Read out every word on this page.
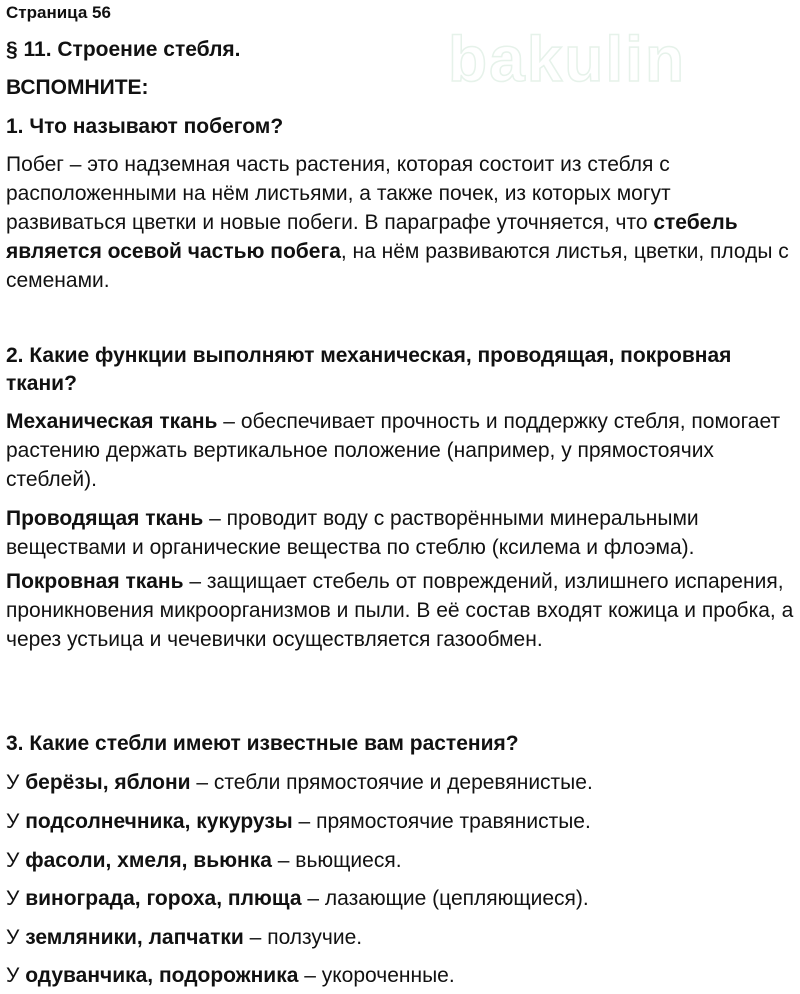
bakulin

Страница 56

§ 11. Строение стебля.

ВСПОМНИТЕ:

1. Что называют побегом?

Побег – это надземная часть растения, которая состоит из стебля с расположенными на нём листьями, а также почек, из которых могут развиваться цветки и новые побеги. В параграфе уточняется, что стебель является осевой частью побега, на нём развиваются листья, цветки, плоды с семенами.

2. Какие функции выполняют механическая, проводящая, покровная ткани?

Механическая ткань – обеспечивает прочность и поддержку стебля, помогает растению держать вертикальное положение (например, у прямостоячих стеблей).

Проводящая ткань – проводит воду с растворёнными минеральными веществами и органические вещества по стеблю (ксилема и флоэма).

Покровная ткань – защищает стебель от повреждений, излишнего испарения, проникновения микроорганизмов и пыли. В её состав входят кожица и пробка, а через устьица и чечевички осуществляется газообмен.

3. Какие стебли имеют известные вам растения?

У берёзы, яблони – стебли прямостоячие и деревянистые.

У подсолнечника, кукурузы – прямостоячие травянистые.

У фасоли, хмеля, вьюнка – вьющиеся.

У винограда, гороха, плюща – лазающие (цепляющиеся).

У земляники, лапчатки – ползучие.

У одуванчика, подорожника – укороченные.
